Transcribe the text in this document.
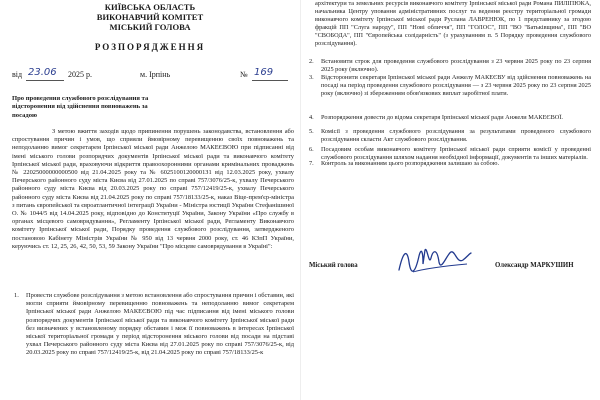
КИЇВСЬКА ОБЛАСТЬ
ВИКОНАВЧИЙ КОМІТЕТ
МІСЬКИЙ ГОЛОВА
РОЗПОРЯДЖЕННЯ
від 23.06 2025 р.	м. Ірпінь	№ 169
Про проведення службового розслідування та відсторонення від здійснення повноважень за посадою
З метою вжиття заходів щодо припинення порушень законодавства, встановлення або спростування причин і умов, що сприяли ймовірному перевищенню своїх повноважень та неподоланню вимог секретарем Ірпінської міської ради Анжелою МАКЕЄВОЮ при підписанні від імені міського голови розпорядчих документів Ірпінської міської ради та виконавчого комітету Ірпінської міської ради, враховуючи відкриття правоохоронними органами кримінальних проваджень № 22025000000000500 від 21.04.2025 року та № 60251001200001З1 від 12.03.2025 року, ухвалу Печерського районного суду міста Києва від 27.01.2025 по справі 757/3076/25-к, ухвалу Печерського районного суду міста Києва від 20.03.2025 року по справі 757/12419/25-к, ухвалу Печерського районного суду міста Києва від 21.04.2025 року по справі 757/18133/25-к, наказ Віце-прем'єр-міністра з питань європейської та євроатлантичної інтеграції України - Міністра юстиції України Стефанішиної О. № 1044/5 від 14.04.2025 року, відповідно до Конституції України, Закону України «Про службу в органах місцевого самоврядування», Регламенту Ірпінської міської ради, Регламенту Виконавчого комітету Ірпінської міської ради, Порядку проведення службового розслідування, затвердженого постановою Кабінету Міністрів України № 950 від 13 червня 2000 року, ст. 46 КЗпП України, керуючись ст. 12, 25, 26, 42, 50, 53, 59 Закону України "Про місцеве самоврядування в Україні":
1. Провести службове розслідування з метою встановлення або спростування причин і обставин, які могли сприяти ймовірному перевищенню повноважень та неподоланню вимог секретарем Ірпінської міської ради Анжелою МАКЕЄВОЮ під час підписання від імені міського голови розпорядчих документів Ірпінської міської ради та виконавчого комітету Ірпінської міської ради без визначених у встановленому порядку обставин і меж її повноважень в інтересах Ірпінської міської територіальної громади у період відсторонення міського голови від посади на підставі ухвал Печерського районного суду міста Києва від 27.01.2025 року по справі 757/3076/25-к, від 20.03.2025 року по справі 757/12419/25-к, від 21.04.2025 року по справі 757/18133/25-к
архітектури та земельних ресурсів виконавчого комітету Ірпінської міської ради Романа ПИЛІПЮКА, начальника Центру уповання адміністративних послуг та ведення реєстру територіальної громади виконавчого комітету Ірпінської міської ради Руслана ЛАВРЕНЮК, по 1 представнику за згодою фракцій ПП "Слуга народу", ПП "Нові обличчя", ПП "ГОЛОС", ПП "ВО "Батьківщина", ПП "ВО "СВОБОДА", ПП "Європейська солідарність" (з урахуванням п. 5 Порядку проведення службового розслідування).
2. Встановити строк для проведення службового розслідування з 23 червня 2025 року по 23 серпня 2025 року (включно).
3. Відсторонити секретаря Ірпінської міської ради Анжелу МАКЕЄВУ від здійснення повноважень на посаді на період проведення службового розслідування — з 23 червня 2025 року по 23 серпня 2025 року (включно) зі збереженням обов'язкових виплат заробітної плати.
4. Розпорядження довести до відома секретаря Ірпінської міської ради Анжели МАКЕЄВОЇ.
5. Комісії з проведення службового розслідування за результатами проведеного службового розслідування скласти Акт службового розслідування.
6. Посадовим особам виконавчого комітету Ірпінської міської ради сприяти комісії у проведенні службового розслідування шляхом надання необхідної інформації, документів та інших матеріалів.
7. Контроль за виконанням цього розпорядження залишаю за собою.
Міський голова	Олександр МАРКУШИН
